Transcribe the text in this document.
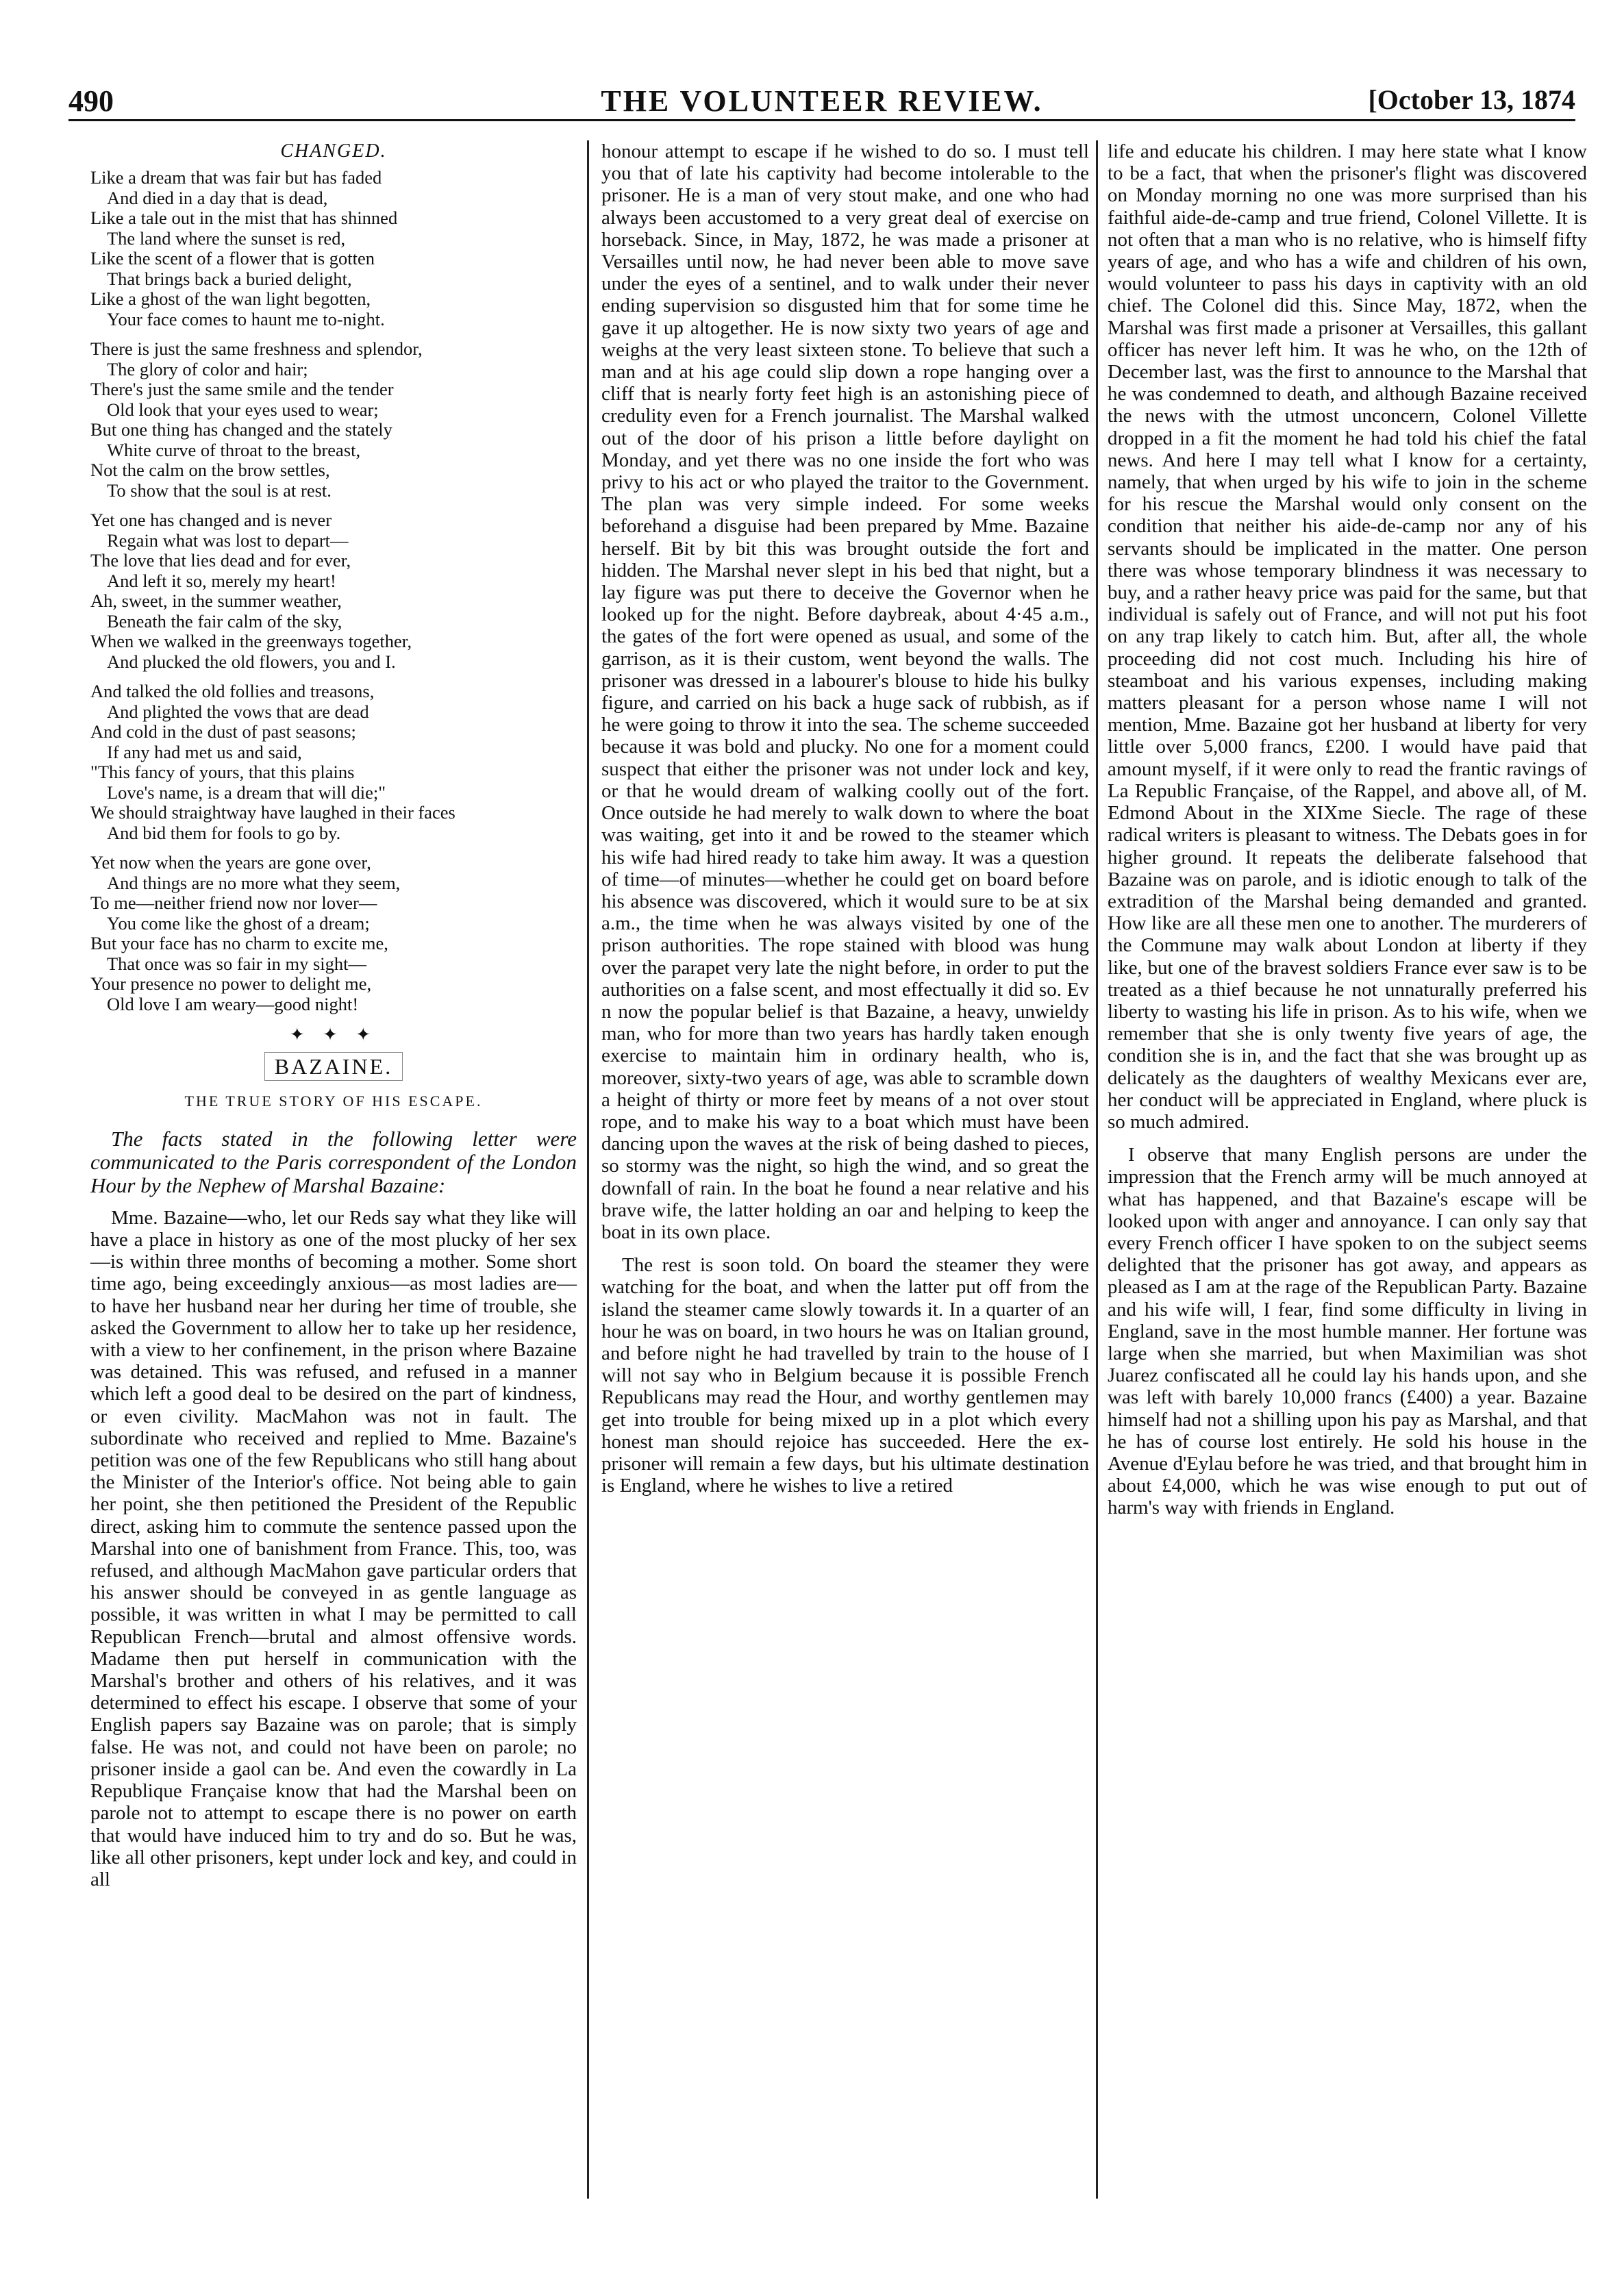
490	THE VOLUNTEER REVIEW.	[October 13, 1874
CHANGED.
Like a dream that was fair but has faded
And died in a day that is dead,
Like a tale out in the mist that has shinned
The land where the sunset is red,
Like the scent of a flower that is gotten
That brings back a buried delight,
Like a ghost of the wan light begotten,
Your face comes to haunt me to-night.
There is just the same freshness and splendor,
The glory of color and hair;
There's just the same smile and the tender
Old look that your eyes used to wear;
But one thing has changed and the stately
White curve of throat to the breast,
Not the calm on the brow settles,
To show that the soul is at rest.
Yet one has changed and is never
Regain what was lost to depart—
The love that lies dead and for ever,
And left it so, merely my heart!
Ah, sweet, in the summer weather,
Beneath the fair calm of the sky,
When we walked in the greenways together,
And plucked the old flowers, you and I.
And talked the old follies and treasons,
And plighted the vows that are dead
And cold in the dust of past seasons;
If any had met us and said,
"This fancy of yours, that this plains
Love's name, is a dream that will die;"
We should straightway have laughed in their faces
And bid them for fools to go by.
Yet now when the years are gone over,
And things are no more what they seem,
To me—neither friend now nor lover—
You come like the ghost of a dream;
But your face has no charm to excite me,
That once was so fair in my sight—
Your presence no power to delight me,
Old love I am weary—good night!
✦ ✦ ✦
BAZAINE.
THE TRUE STORY OF HIS ESCAPE.
The facts stated in the following letter were communicated to the Paris correspondent of the London Hour by the Nephew of Marshal Bazaine:

Mme. Bazaine—who, let our Reds say what they like will have a place in history as one of the most plucky of her sex—is within three months of becoming a mother. Some short time ago, being exceedingly anxious—as most ladies are—to have her husband near her during her time of trouble, she asked the Government to allow her to take up her residence, with a view to her confinement, in the prison where Bazaine was detained. This was refused, and refused in a manner which left a good deal to be desired on the part of kindness, or even civility. MacMahon was not in fault. The subordinate who received and replied to Mme. Bazaine's petition was one of the few Republicans who still hang about the Minister of the Interior's office. Not being able to gain her point, she then petitioned the President of the Republic direct, asking him to commute the sentence passed upon the Marshal into one of banishment from France. This, too, was refused, and although MacMahon gave particular orders that his answer should be conveyed in as gentle language as possible, it was written in what I may be permitted to call Republican French—brutal and almost offensive words. Madame then put herself in communication with the Marshal's brother and others of his relatives, and it was determined to effect his escape. I observe that some of your English papers say Bazaine was on parole; that is simply false. He was not, and could not have been on parole; no prisoner inside a gaol can be. And even the cowardly in La Republique Française know that had the Marshal been on parole not to attempt to escape there is no power on earth that would have induced him to try and do so. But he was, like all other prisoners, kept under lock and key, and could in all

honour attempt to escape if he wished to do so. I must tell you that of late his captivity had become intolerable to the prisoner. He is a man of very stout make, and one who had always been accustomed to a very great deal of exercise on horseback. Since, in May, 1872, he was made a prisoner at Versailles until now, he had never been able to move save under the eyes of a sentinel, and to walk under their never ending supervision so disgusted him that for some time he gave it up altogether. He is now sixty two years of age and weighs at the very least sixteen stone. To believe that such a man and at his age could slip down a rope hanging over a cliff that is nearly forty feet high is an astonishing piece of credulity even for a French journalist. The Marshal walked out of the door of his prison a little before daylight on Monday, and yet there was no one inside the fort who was privy to his act or who played the traitor to the Government. The plan was very simple indeed. For some weeks beforehand a disguise had been prepared by Mme. Bazaine herself. Bit by bit this was brought outside the fort and hidden. The Marshal never slept in his bed that night, but a lay figure was put there to deceive the Governor when he looked up for the night. Before daybreak, about 4·45 a.m., the gates of the fort were opened as usual, and some of the garrison, as it is their custom, went beyond the walls. The prisoner was dressed in a labourer's blouse to hide his bulky figure, and carried on his back a huge sack of rubbish, as if he were going to throw it into the sea. The scheme succeeded because it was bold and plucky. No one for a moment could suspect that either the prisoner was not under lock and key, or that he would dream of walking coolly out of the fort. Once outside he had merely to walk down to where the boat was waiting, get into it and be rowed to the steamer which his wife had hired ready to take him away. It was a question of time—of minutes—whether he could get on board before his absence was discovered, which it would sure to be at six a.m., the time when he was always visited by one of the prison authorities. The rope stained with blood was hung over the parapet very late the night before, in order to put the authorities on a false scent, and most effectually it did so. Ev n now the popular belief is that Bazaine, a heavy, unwieldy man, who for more than two years has hardly taken enough exercise to maintain him in ordinary health, who is, moreover, sixty-two years of age, was able to scramble down a height of thirty or more feet by means of a not over stout rope, and to make his way to a boat which must have been dancing upon the waves at the risk of being dashed to pieces, so stormy was the night, so high the wind, and so great the downfall of rain. In the boat he found a near relative and his brave wife, the latter holding an oar and helping to keep the boat in its own place.

The rest is soon told. On board the steamer they were watching for the boat, and when the latter put off from the island the steamer came slowly towards it. In a quarter of an hour he was on board, in two hours he was on Italian ground, and before night he had travelled by train to the house of I will not say who in Belgium because it is possible French Republicans may read the Hour, and worthy gentlemen may get into trouble for being mixed up in a plot which every honest man should rejoice has succeeded. Here the ex-prisoner will remain a few days, but his ultimate destination is England, where he wishes to live a retired

life and educate his children. I may here state what I know to be a fact, that when the prisoner's flight was discovered on Monday morning no one was more surprised than his faithful aide-de-camp and true friend, Colonel Villette. It is not often that a man who is no relative, who is himself fifty years of age, and who has a wife and children of his own, would volunteer to pass his days in captivity with an old chief. The Colonel did this. Since May, 1872, when the Marshal was first made a prisoner at Versailles, this gallant officer has never left him. It was he who, on the 12th of December last, was the first to announce to the Marshal that he was condemned to death, and although Bazaine received the news with the utmost unconcern, Colonel Villette dropped in a fit the moment he had told his chief the fatal news. And here I may tell what I know for a certainty, namely, that when urged by his wife to join in the scheme for his rescue the Marshal would only consent on the condition that neither his aide-de-camp nor any of his servants should be implicated in the matter. One person there was whose temporary blindness it was necessary to buy, and a rather heavy price was paid for the same, but that individual is safely out of France, and will not put his foot on any trap likely to catch him. But, after all, the whole proceeding did not cost much. Including his hire of steamboat and his various expenses, including making matters pleasant for a person whose name I will not mention, Mme. Bazaine got her husband at liberty for very little over 5,000 francs, £200. I would have paid that amount myself, if it were only to read the frantic ravings of La Republic Française, of the Rappel, and above all, of M. Edmond About in the XIXme Siecle. The rage of these radical writers is pleasant to witness. The Debats goes in for higher ground. It repeats the deliberate falsehood that Bazaine was on parole, and is idiotic enough to talk of the extradition of the Marshal being demanded and granted. How like are all these men one to another. The murderers of the Commune may walk about London at liberty if they like, but one of the bravest soldiers France ever saw is to be treated as a thief because he not unnaturally preferred his liberty to wasting his life in prison. As to his wife, when we remember that she is only twenty five years of age, the condition she is in, and the fact that she was brought up as delicately as the daughters of wealthy Mexicans ever are, her conduct will be appreciated in England, where pluck is so much admired.

I observe that many English persons are under the impression that the French army will be much annoyed at what has happened, and that Bazaine's escape will be looked upon with anger and annoyance. I can only say that every French officer I have spoken to on the subject seems delighted that the prisoner has got away, and appears as pleased as I am at the rage of the Republican Party. Bazaine and his wife will, I fear, find some difficulty in living in England, save in the most humble manner. Her fortune was large when she married, but when Maximilian was shot Juarez confiscated all he could lay his hands upon, and she was left with barely 10,000 francs (£400) a year. Bazaine himself had not a shilling upon his pay as Marshal, and that he has of course lost entirely. He sold his house in the Avenue d'Eylau before he was tried, and that brought him in about £4,000, which he was wise enough to put out of harm's way with friends in England.
